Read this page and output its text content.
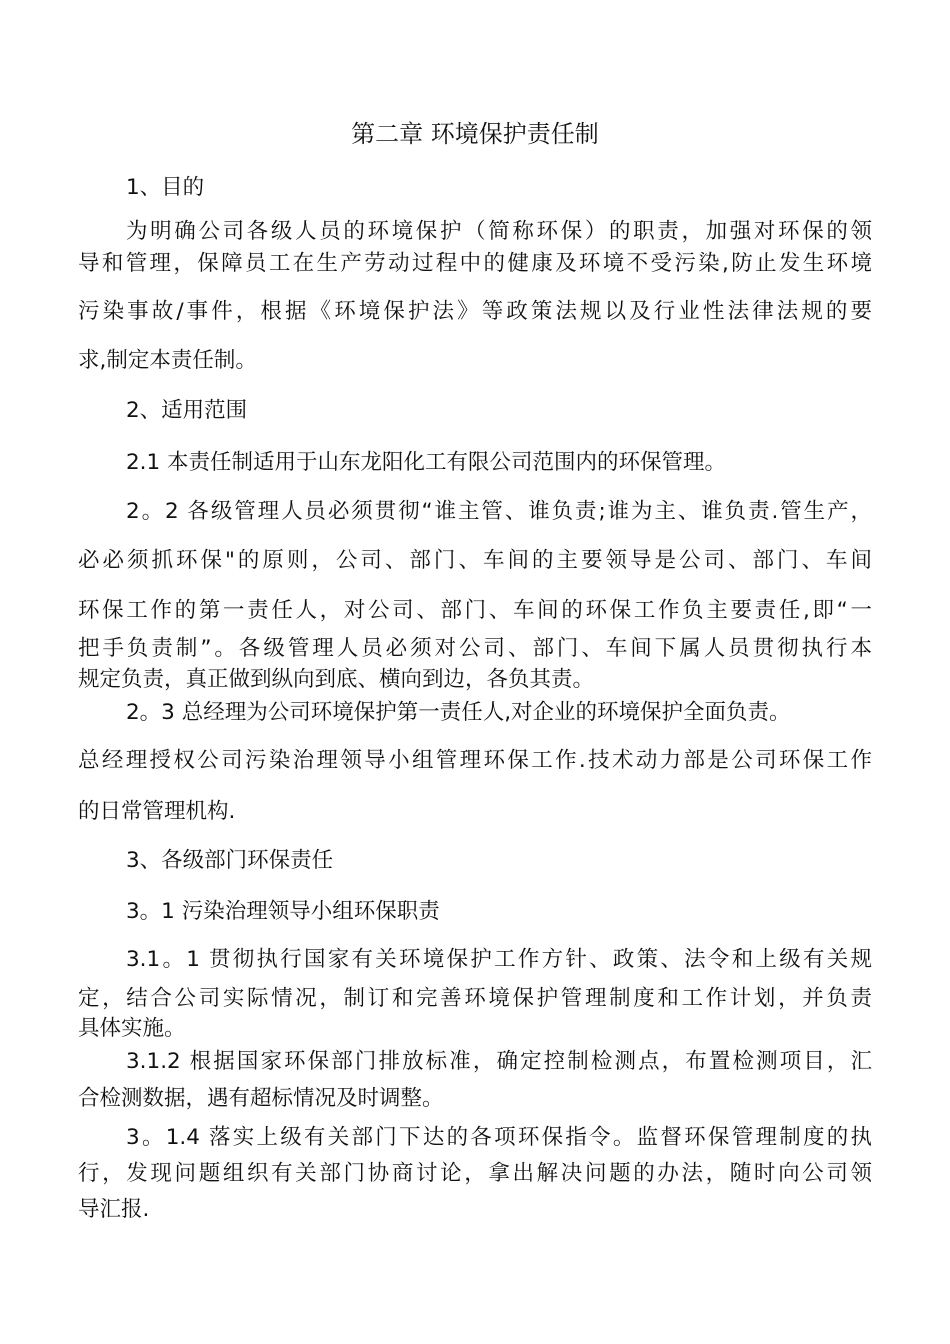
第二章 环境保护责任制
1、目的
为明确公司各级人员的环境保护（简称环保）的职责，加强对环保的领
导和管理，保障员工在生产劳动过程中的健康及环境不受污染,防止发生环境
污染事故/事件，根据《环境保护法》等政策法规以及行业性法律法规的要
求,制定本责任制。
2、适用范围
2.1 本责任制适用于山东龙阳化工有限公司范围内的环保管理。
2。2 各级管理人员必须贯彻“谁主管、谁负责;谁为主、谁负责.管生产，
必必须抓环保"的原则，公司、部门、车间的主要领导是公司、部门、车间
环保工作的第一责任人，对公司、部门、车间的环保工作负主要责任,即“一
把手负责制”。各级管理人员必须对公司、部门、车间下属人员贯彻执行本
规定负责，真正做到纵向到底、横向到边，各负其责。
2。3 总经理为公司环境保护第一责任人,对企业的环境保护全面负责。
总经理授权公司污染治理领导小组管理环保工作.技术动力部是公司环保工作
的日常管理机构.
3、各级部门环保责任
3。1 污染治理领导小组环保职责
3.1。1 贯彻执行国家有关环境保护工作方针、政策、法令和上级有关规
定，结合公司实际情况，制订和完善环境保护管理制度和工作计划，并负责
具体实施。
3.1.2 根据国家环保部门排放标准，确定控制检测点，布置检测项目，汇
合检测数据，遇有超标情况及时调整。
3。1.4 落实上级有关部门下达的各项环保指令。监督环保管理制度的执
行，发现问题组织有关部门协商讨论，拿出解决问题的办法，随时向公司领
导汇报.
